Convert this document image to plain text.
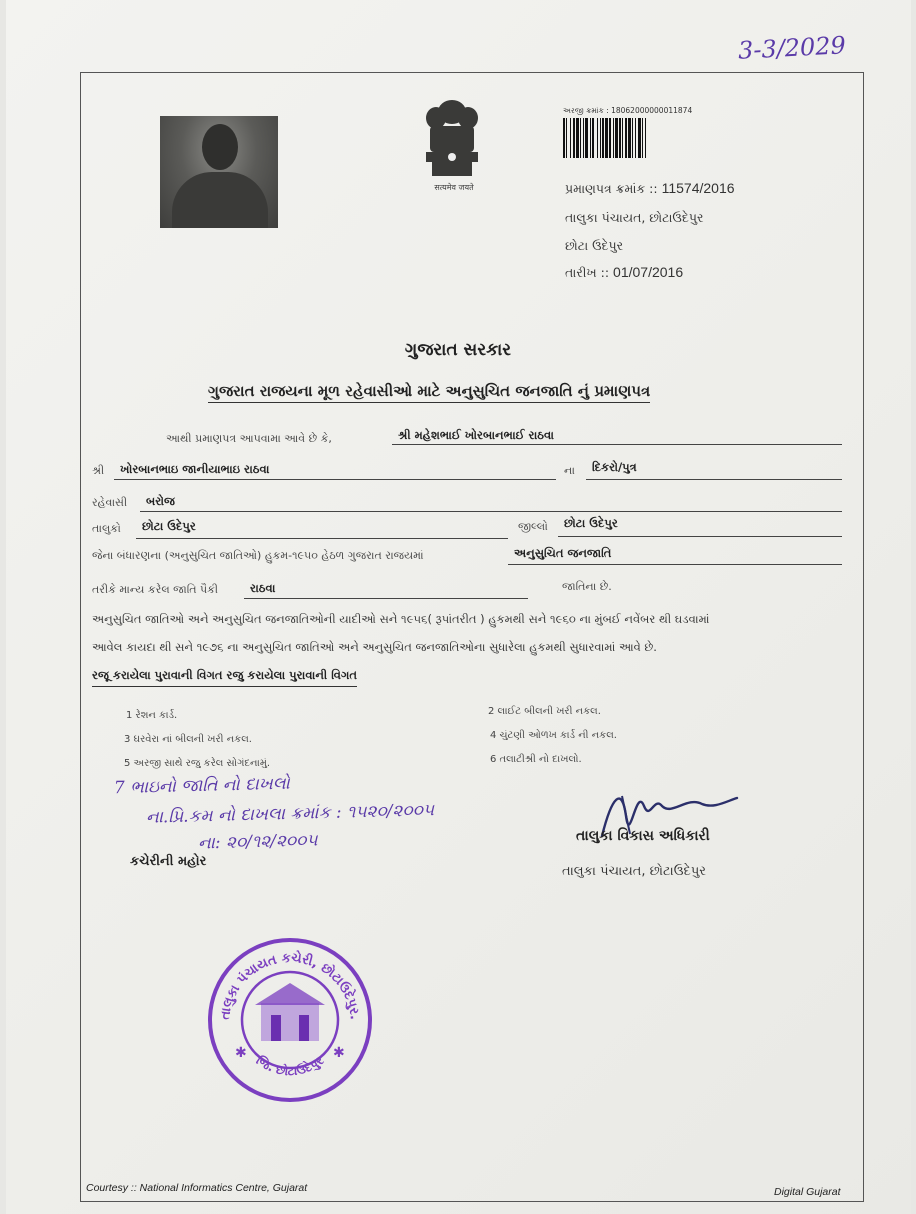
3-3/2029
सत्यमेव जयते
અરજી ક્રમાંક : 18062000000011874
પ્રમાણપત્ર ક્રમાંક :: 11574/2016
તાલુકા પંચાયત, છોટાઉદેપુર
છોટા ઉદેપુર
તારીખ :: 01/07/2016
ગુજરાત સરકાર
ગુજરાત રાજયના મૂળ રહેવાસીઓ માટે અનુસુચિત જનજાતિ નું પ્રમાણપત્ર
આથી પ્રમાણપત્ર આપવામા આવે છે કે,	શ્રી મહેશભાઈ ખોરબાનભાઈ રાઠવા
શ્રી ખોરબાનભાઇ જાનીયાભાઇ રાઠવા	ના દિકરો/પુત્ર
રહેવાસી બરોજ
તાલુકો છોટા ઉદેપુર	જીલ્લો છોટા ઉદેપુર
જેના બંધારણના (અનુસુચિત જાતિઓ) હુકમ-૧૯૫૦ હેઠળ ગુજરાત રાજયમાં	અનુસુચિત જનજાતિ
તરીકે માન્ય કરેલ જાતિ પૈકી	રાઠવા	જાતિના છે.
અનુસુચિત જાતિઓ અને અનુસુચિત જનજાતિઓની યાદીઓ સને ૧૯૫૬( રૂપાંતરીત ) હુકમથી સને ૧૯૬૦ ના મુંબઈ નવેંબર થી ઘડવામાં
આવેલ કાયદા થી સને ૧૯૭૬ ના અનુસુચિત જાતિઓ અને અનુસુચિત જનજાતિઓના સુધારેલા હુકમથી સુધારવામાં આવે છે.
રજૂ કરાયેલા પુરાવાની વિગત રજુ કરાયેલા પુરાવાની વિગત
1 રેશન કાર્ડ.	2 લાઈટ બીલની ખરી નકલ.
3 ઘરવેરા નાં બીલની ખરી નકલ.	4 ચુંટણી ઓળખ કાર્ડ ની નકલ.
5 અરજી સાથે રજુ કરેલ સોગંદનામું.	6 તલાટીશ્રી નો દાખલો.
7 ભાઇનો જાતિ નો દાખલો
ના.પ્રિ.કમ નો દાખલા ક્રમાંક : ૧૫૨૦/૨૦૦૫
ના: ૨૦/૧૨/૨૦૦૫
કચેરીની મહોર
તાલુકા વિકાસ અધિકારી
તાલુકા પંચાયત, છોટાઉદેપુર
✱	✱
તાલુકા પંચાયત કચેરી, છોટાઉદેપુર.
જિ. છોટાઉદેપુર
Courtesy :: National Informatics Centre, Gujarat	Digital Gujarat
